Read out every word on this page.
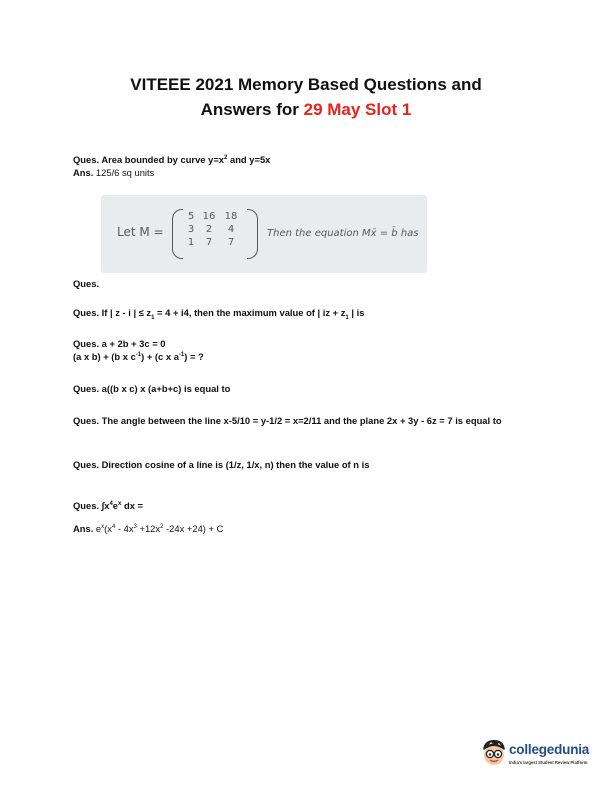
VITEEE 2021 Memory Based Questions and
Answers for 29 May Slot 1
Ques. Area bounded by curve $y=x^2$ and y=5x
Ans. 125/6 sq units
Let M =
5 16 18
3	2	4
1	7	7
Then the equation Mx̄ = b̄ has
Ques.
Ques. If | z - i | ≤ $z_1 = 4 + i4$, then the maximum value of | iz + $z_1$ | is
Ques. a + 2b + 3c = 0
(a x b) + (b x $c^{-1}) + (c$ x $a^{-1}$) = ?
Ques. a((b x c) x (a+b+c) is equal to
Ques. The angle between the line x-5/10 = y-1/2 = x=2/11 and the plane 2x + 3y - 6z = 7 is equal to
Ques. Direction cosine of a line is (1/z, 1/x, n) then the value of n is
Ques. $\int x^4e^x$ dx =
Ans. $e^x(x^4 - 4x^3 +12x^2$ -24x +24) + C
collegedunia
India's largest Student Review Platform
